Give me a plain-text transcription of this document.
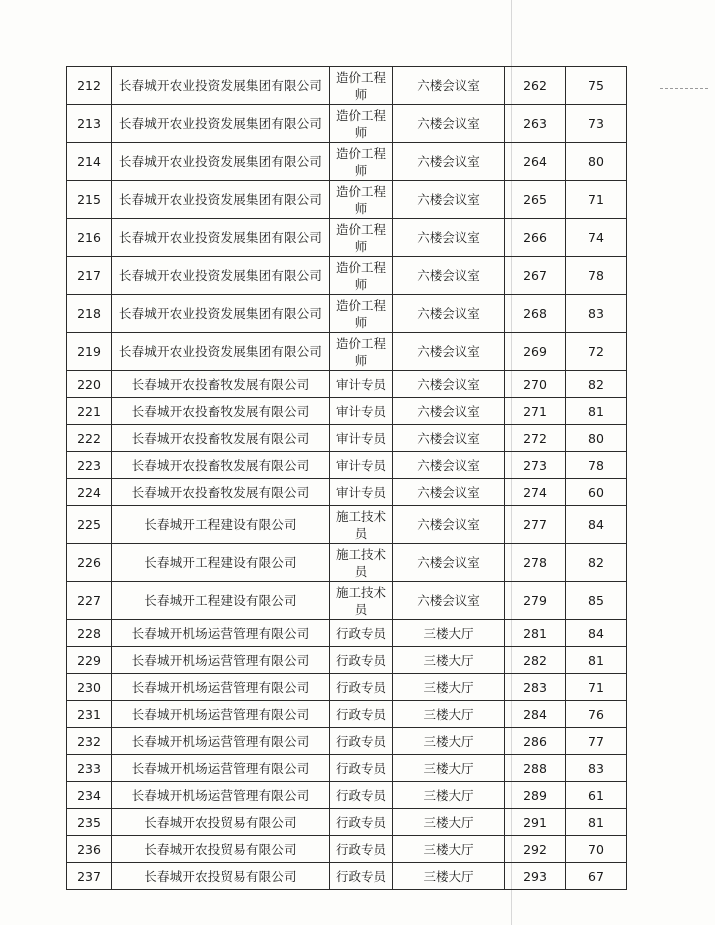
212	长春城开农业投资发展集团有限公司	造价工程师	六楼会议室	262	75
213	长春城开农业投资发展集团有限公司	造价工程师	六楼会议室	263	73
214	长春城开农业投资发展集团有限公司	造价工程师	六楼会议室	264	80
215	长春城开农业投资发展集团有限公司	造价工程师	六楼会议室	265	71
216	长春城开农业投资发展集团有限公司	造价工程师	六楼会议室	266	74
217	长春城开农业投资发展集团有限公司	造价工程师	六楼会议室	267	78
218	长春城开农业投资发展集团有限公司	造价工程师	六楼会议室	268	83
219	长春城开农业投资发展集团有限公司	造价工程师	六楼会议室	269	72
220	长春城开农投畜牧发展有限公司	审计专员	六楼会议室	270	82
221	长春城开农投畜牧发展有限公司	审计专员	六楼会议室	271	81
222	长春城开农投畜牧发展有限公司	审计专员	六楼会议室	272	80
223	长春城开农投畜牧发展有限公司	审计专员	六楼会议室	273	78
224	长春城开农投畜牧发展有限公司	审计专员	六楼会议室	274	60
225	长春城开工程建设有限公司	施工技术员	六楼会议室	277	84
226	长春城开工程建设有限公司	施工技术员	六楼会议室	278	82
227	长春城开工程建设有限公司	施工技术员	六楼会议室	279	85
228	长春城开机场运营管理有限公司	行政专员	三楼大厅	281	84
229	长春城开机场运营管理有限公司	行政专员	三楼大厅	282	81
230	长春城开机场运营管理有限公司	行政专员	三楼大厅	283	71
231	长春城开机场运营管理有限公司	行政专员	三楼大厅	284	76
232	长春城开机场运营管理有限公司	行政专员	三楼大厅	286	77
233	长春城开机场运营管理有限公司	行政专员	三楼大厅	288	83
234	长春城开机场运营管理有限公司	行政专员	三楼大厅	289	61
235	长春城开农投贸易有限公司	行政专员	三楼大厅	291	81
236	长春城开农投贸易有限公司	行政专员	三楼大厅	292	70
237	长春城开农投贸易有限公司	行政专员	三楼大厅	293	67
